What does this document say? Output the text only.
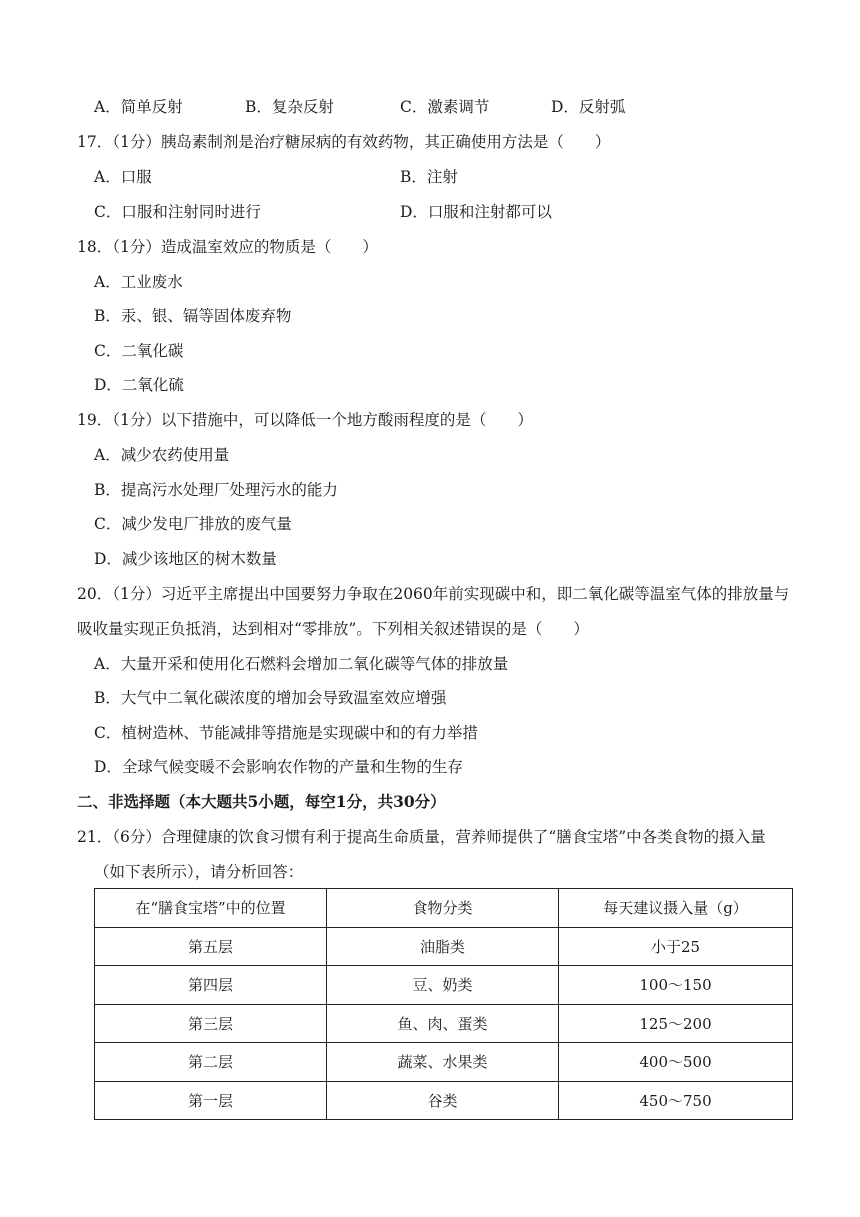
A．简单反射	B．复杂反射	C．激素调节	D．反射弧
17．（1分）胰岛素制剂是治疗糖尿病的有效药物，其正确使用方法是（　　）
A．口服	B．注射
C．口服和注射同时进行	D．口服和注射都可以
18．（1分）造成温室效应的物质是（　　）
A．工业废水
B．汞、银、镉等固体废弃物
C．二氧化碳
D．二氧化硫
19．（1分）以下措施中，可以降低一个地方酸雨程度的是（　　）
A．减少农药使用量
B．提高污水处理厂处理污水的能力
C．减少发电厂排放的废气量
D．减少该地区的树木数量
20．（1分）习近平主席提出中国要努力争取在2060年前实现碳中和，即二氧化碳等温室气体的排放量与
吸收量实现正负抵消，达到相对“零排放”。下列相关叙述错误的是（　　）
A．大量开采和使用化石燃料会增加二氧化碳等气体的排放量
B．大气中二氧化碳浓度的增加会导致温室效应增强
C．植树造林、节能减排等措施是实现碳中和的有力举措
D．全球气候变暖不会影响农作物的产量和生物的生存
二、非选择题（本大题共5小题，每空1分，共30分）
21．（6分）合理健康的饮食习惯有利于提高生命质量，营养师提供了“膳食宝塔”中各类食物的摄入量
（如下表所示），请分析回答：
在“膳食宝塔”中的位置	食物分类	每天建议摄入量（g）
第五层	油脂类	小于25
第四层	豆、奶类	100～150
第三层	鱼、肉、蛋类	125～200
第二层	蔬菜、水果类	400～500
第一层	谷类	450～750
